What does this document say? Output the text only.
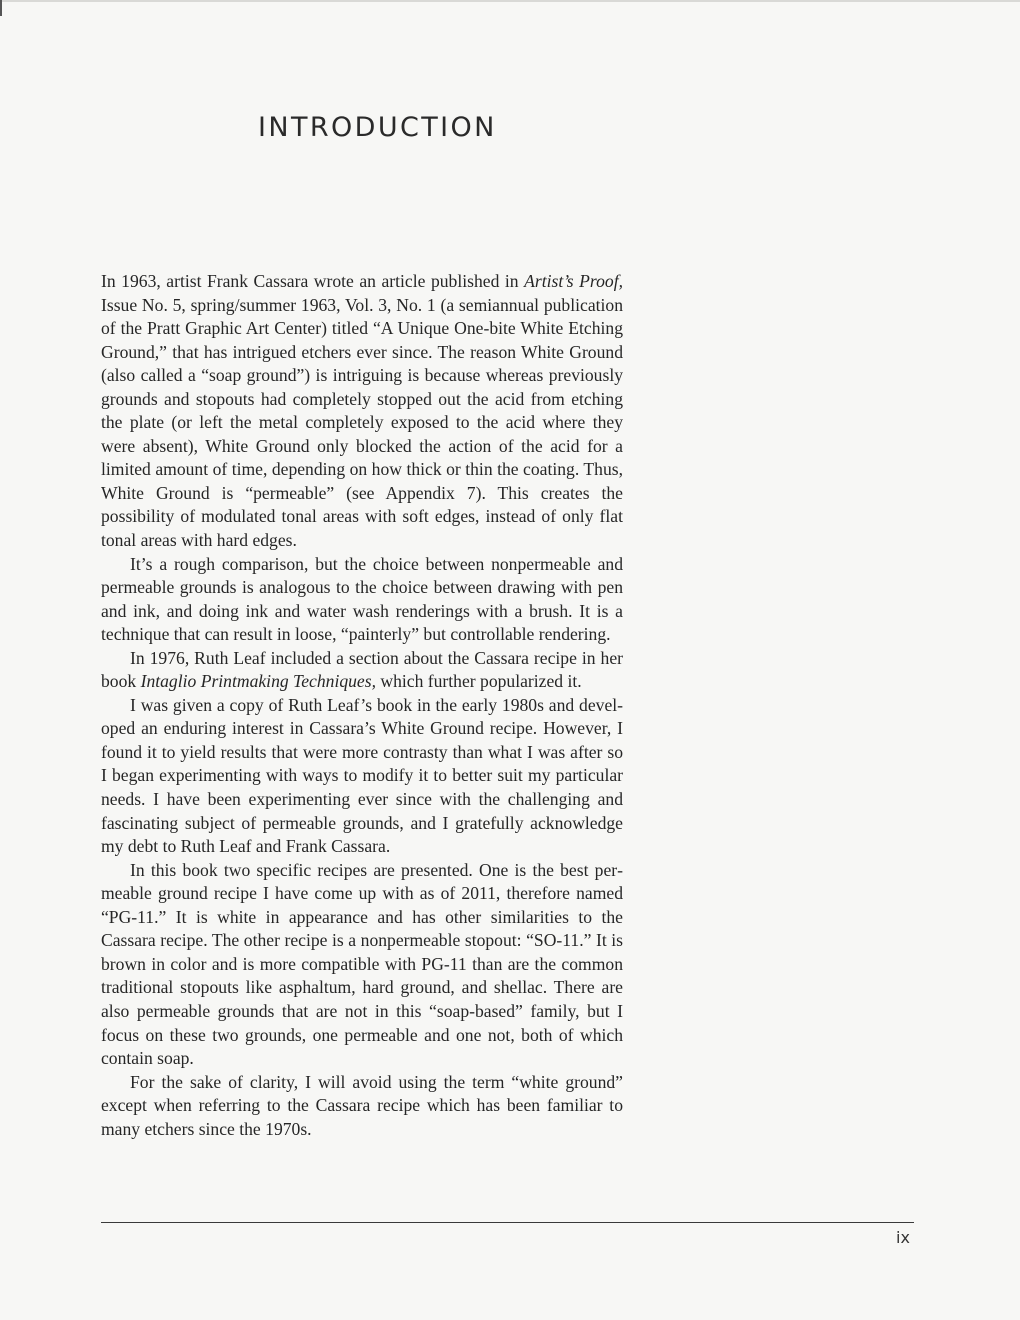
INTRODUCTION

In 1963, artist Frank Cassara wrote an article published in Artist’s Proof, Issue No. 5, spring/summer 1963, Vol. 3, No. 1 (a semiannual publication of the Pratt Graphic Art Center) titled “A Unique One-bite White Etching Ground,” that has intrigued etchers ever since. The reason White Ground (also called a “soap ground”) is intriguing is because whereas previously grounds and stopouts had completely stopped out the acid from etching the plate (or left the metal completely exposed to the acid where they were absent), White Ground only blocked the action of the acid for a limited amount of time, depending on how thick or thin the coating. Thus, White Ground is “permeable” (see Appendix 7). This creates the possibility of modulated tonal areas with soft edges, instead of only flat tonal areas with hard edges.

It’s a rough comparison, but the choice between nonpermeable and permeable grounds is analogous to the choice between drawing with pen and ink, and doing ink and water wash renderings with a brush. It is a technique that can result in loose, “painterly” but controllable rendering.

In 1976, Ruth Leaf included a section about the Cassara recipe in her book Intaglio Printmaking Techniques, which further popularized it.

I was given a copy of Ruth Leaf’s book in the early 1980s and developed an enduring interest in Cassara’s White Ground recipe. However, I found it to yield results that were more contrasty than what I was after so I began experimenting with ways to modify it to better suit my particular needs. I have been experimenting ever since with the challenging and fascinating subject of permeable grounds, and I gratefully acknowledge my debt to Ruth Leaf and Frank Cassara.

In this book two specific recipes are presented. One is the best permeable ground recipe I have come up with as of 2011, therefore named “PG-11.” It is white in appearance and has other similarities to the Cassara recipe. The other recipe is a nonpermeable stopout: “SO-11.” It is brown in color and is more compatible with PG-11 than are the common traditional stopouts like asphaltum, hard ground, and shellac. There are also permeable grounds that are not in this “soap-based” family, but I focus on these two grounds, one permeable and one not, both of which contain soap.

For the sake of clarity, I will avoid using the term “white ground” except when referring to the Cassara recipe which has been familiar to many etchers since the 1970s.

ix
